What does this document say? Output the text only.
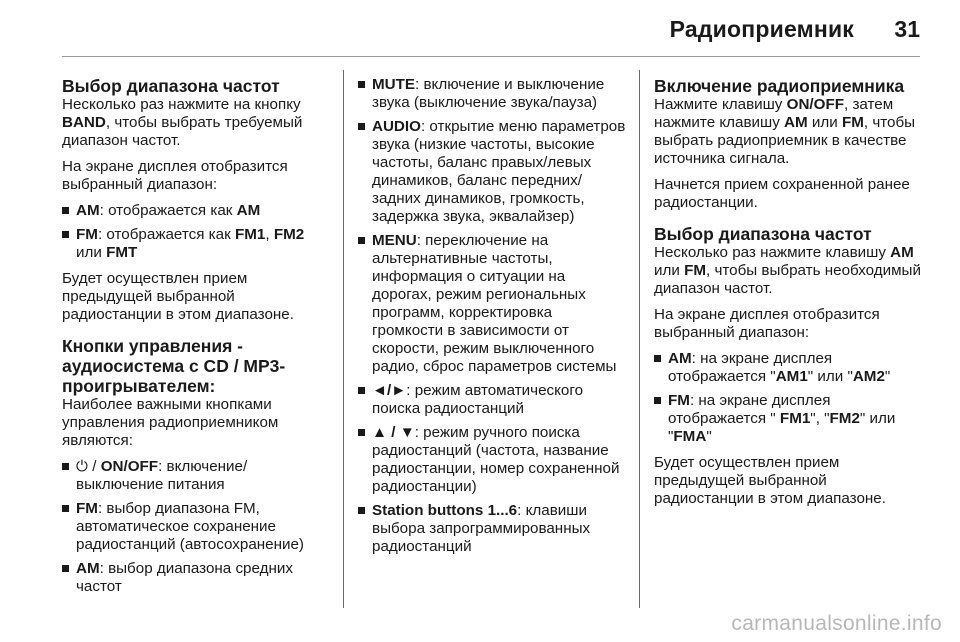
Радиоприемник 31
Выбор диапазона частот

Несколько раз нажмите на кнопку BAND, чтобы выбрать требуемый диапазон частот.

На экране дисплея отобразится выбранный диапазон:

AM: отображается как AM
FM: отображается как FM1, FM2 или FMT

Будет осуществлен прием предыдущей выбранной радиостанции в этом диапазоне.

Кнопки управления - аудиосистема с CD / MP3-проигрывателем:

Наиболее важными кнопками управления радиоприемником являются:

⏻ / ON/OFF: включение/выключение питания
FM: выбор диапазона FM, автоматическое сохранение радиостанций (автосохранение)
AM: выбор диапазона средних частот
MUTE: включение и выключение звука (выключение звука/пауза)
AUDIO: открытие меню параметров звука (низкие частоты, высокие частоты, баланс правых/левых динамиков, баланс передних/задних динамиков, громкость, задержка звука, эквалайзер)
MENU: переключение на альтернативные частоты, информация о ситуации на дорогах, режим региональных программ, корректировка громкости в зависимости от скорости, режим выключенного радио, сброс параметров системы
◄/►: режим автоматического поиска радиостанций
▲ / ▼: режим ручного поиска радиостанций (частота, название радиостанции, номер сохраненной радиостанции)
Station buttons 1...6: клавиши выбора запрограммированных радиостанций
Включение радиоприемника

Нажмите клавишу ON/OFF, затем нажмите клавишу AM или FM, чтобы выбрать радиоприемник в качестве источника сигнала.

Начнется прием сохраненной ранее радиостанции.

Выбор диапазона частот

Несколько раз нажмите клавишу AM или FM, чтобы выбрать необходимый диапазон частот.

На экране дисплея отобразится выбранный диапазон:

AM: на экране дисплея отображается "AM1" или "AM2"
FM: на экране дисплея отображается " FM1", "FM2" или "FMA"

Будет осуществлен прием предыдущей выбранной радиостанции в этом диапазоне.

carmanualsonline.info
